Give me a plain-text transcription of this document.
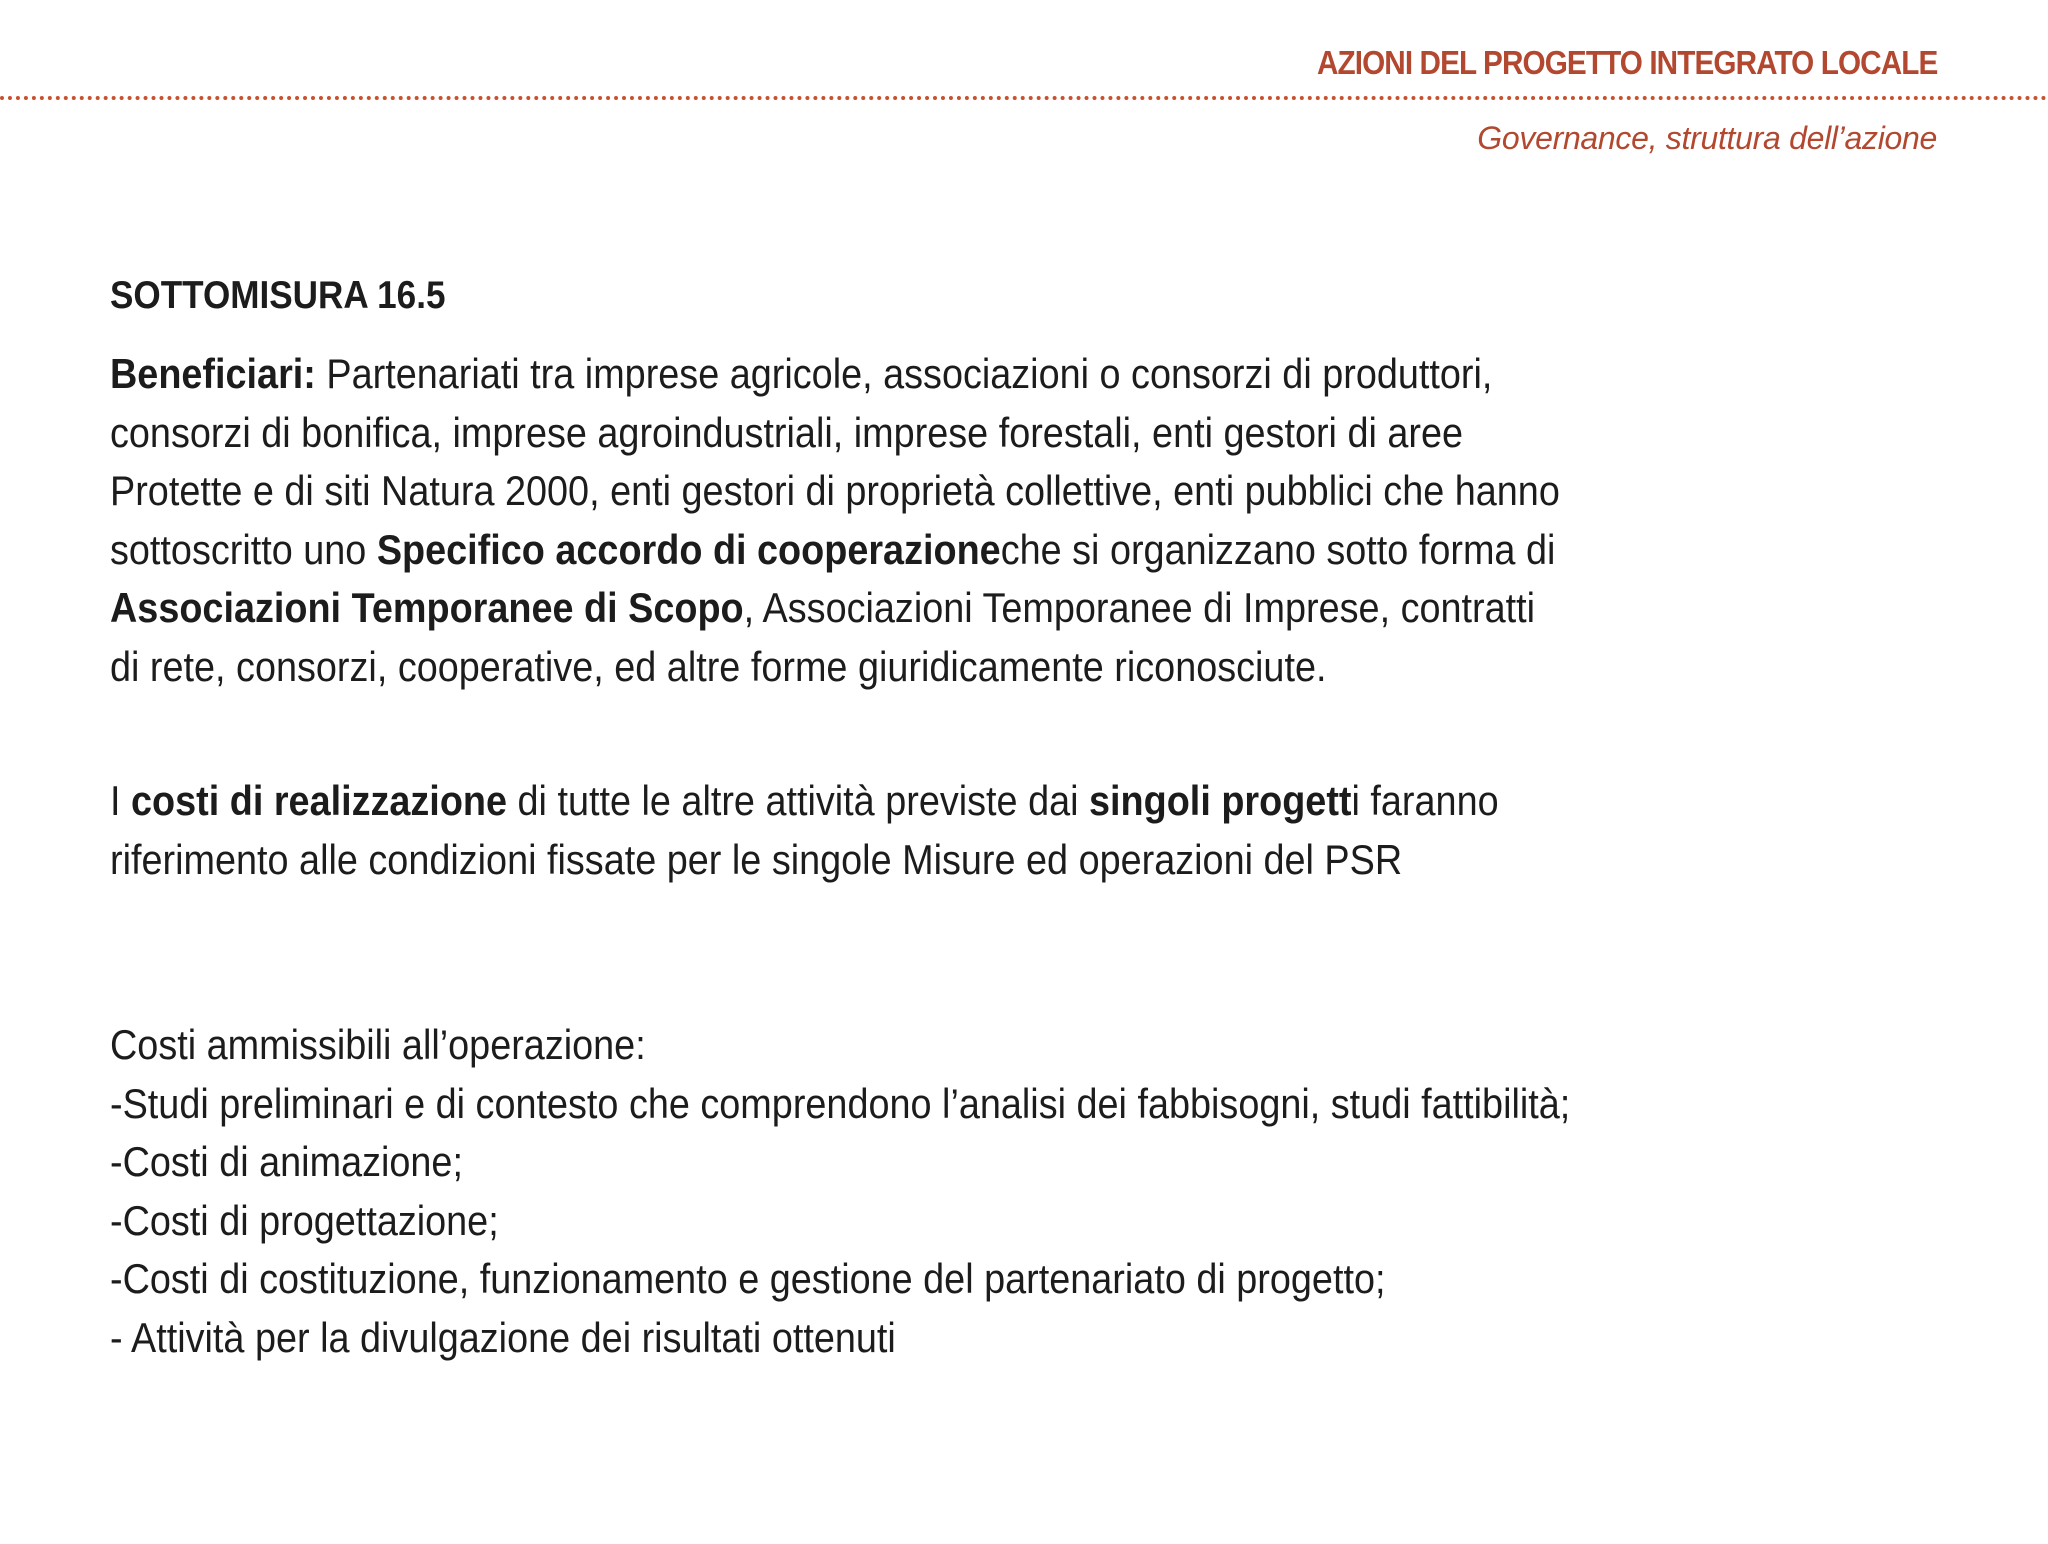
AZIONI DEL PROGETTO INTEGRATO LOCALE
Governance, struttura dell’azione
SOTTOMISURA 16.5
Beneficiari: Partenariati tra imprese agricole, associazioni o consorzi di produttori,
consorzi di bonifica, imprese agroindustriali, imprese forestali, enti gestori di aree
Protette e di siti Natura 2000, enti gestori di proprietà collettive, enti pubblici che hanno
sottoscritto uno Specifico accordo di cooperazioneche si organizzano sotto forma di
Associazioni Temporanee di Scopo, Associazioni Temporanee di Imprese, contratti
di rete, consorzi, cooperative, ed altre forme giuridicamente riconosciute.
I costi di realizzazione di tutte le altre attività previste dai singoli progetti faranno
riferimento alle condizioni fissate per le singole Misure ed operazioni del PSR
Costi ammissibili all’operazione:
-Studi preliminari e di contesto che comprendono l’analisi dei fabbisogni, studi fattibilità;
-Costi di animazione;
-Costi di progettazione;
-Costi di costituzione, funzionamento e gestione del partenariato di progetto;
- Attività per la divulgazione dei risultati ottenuti
